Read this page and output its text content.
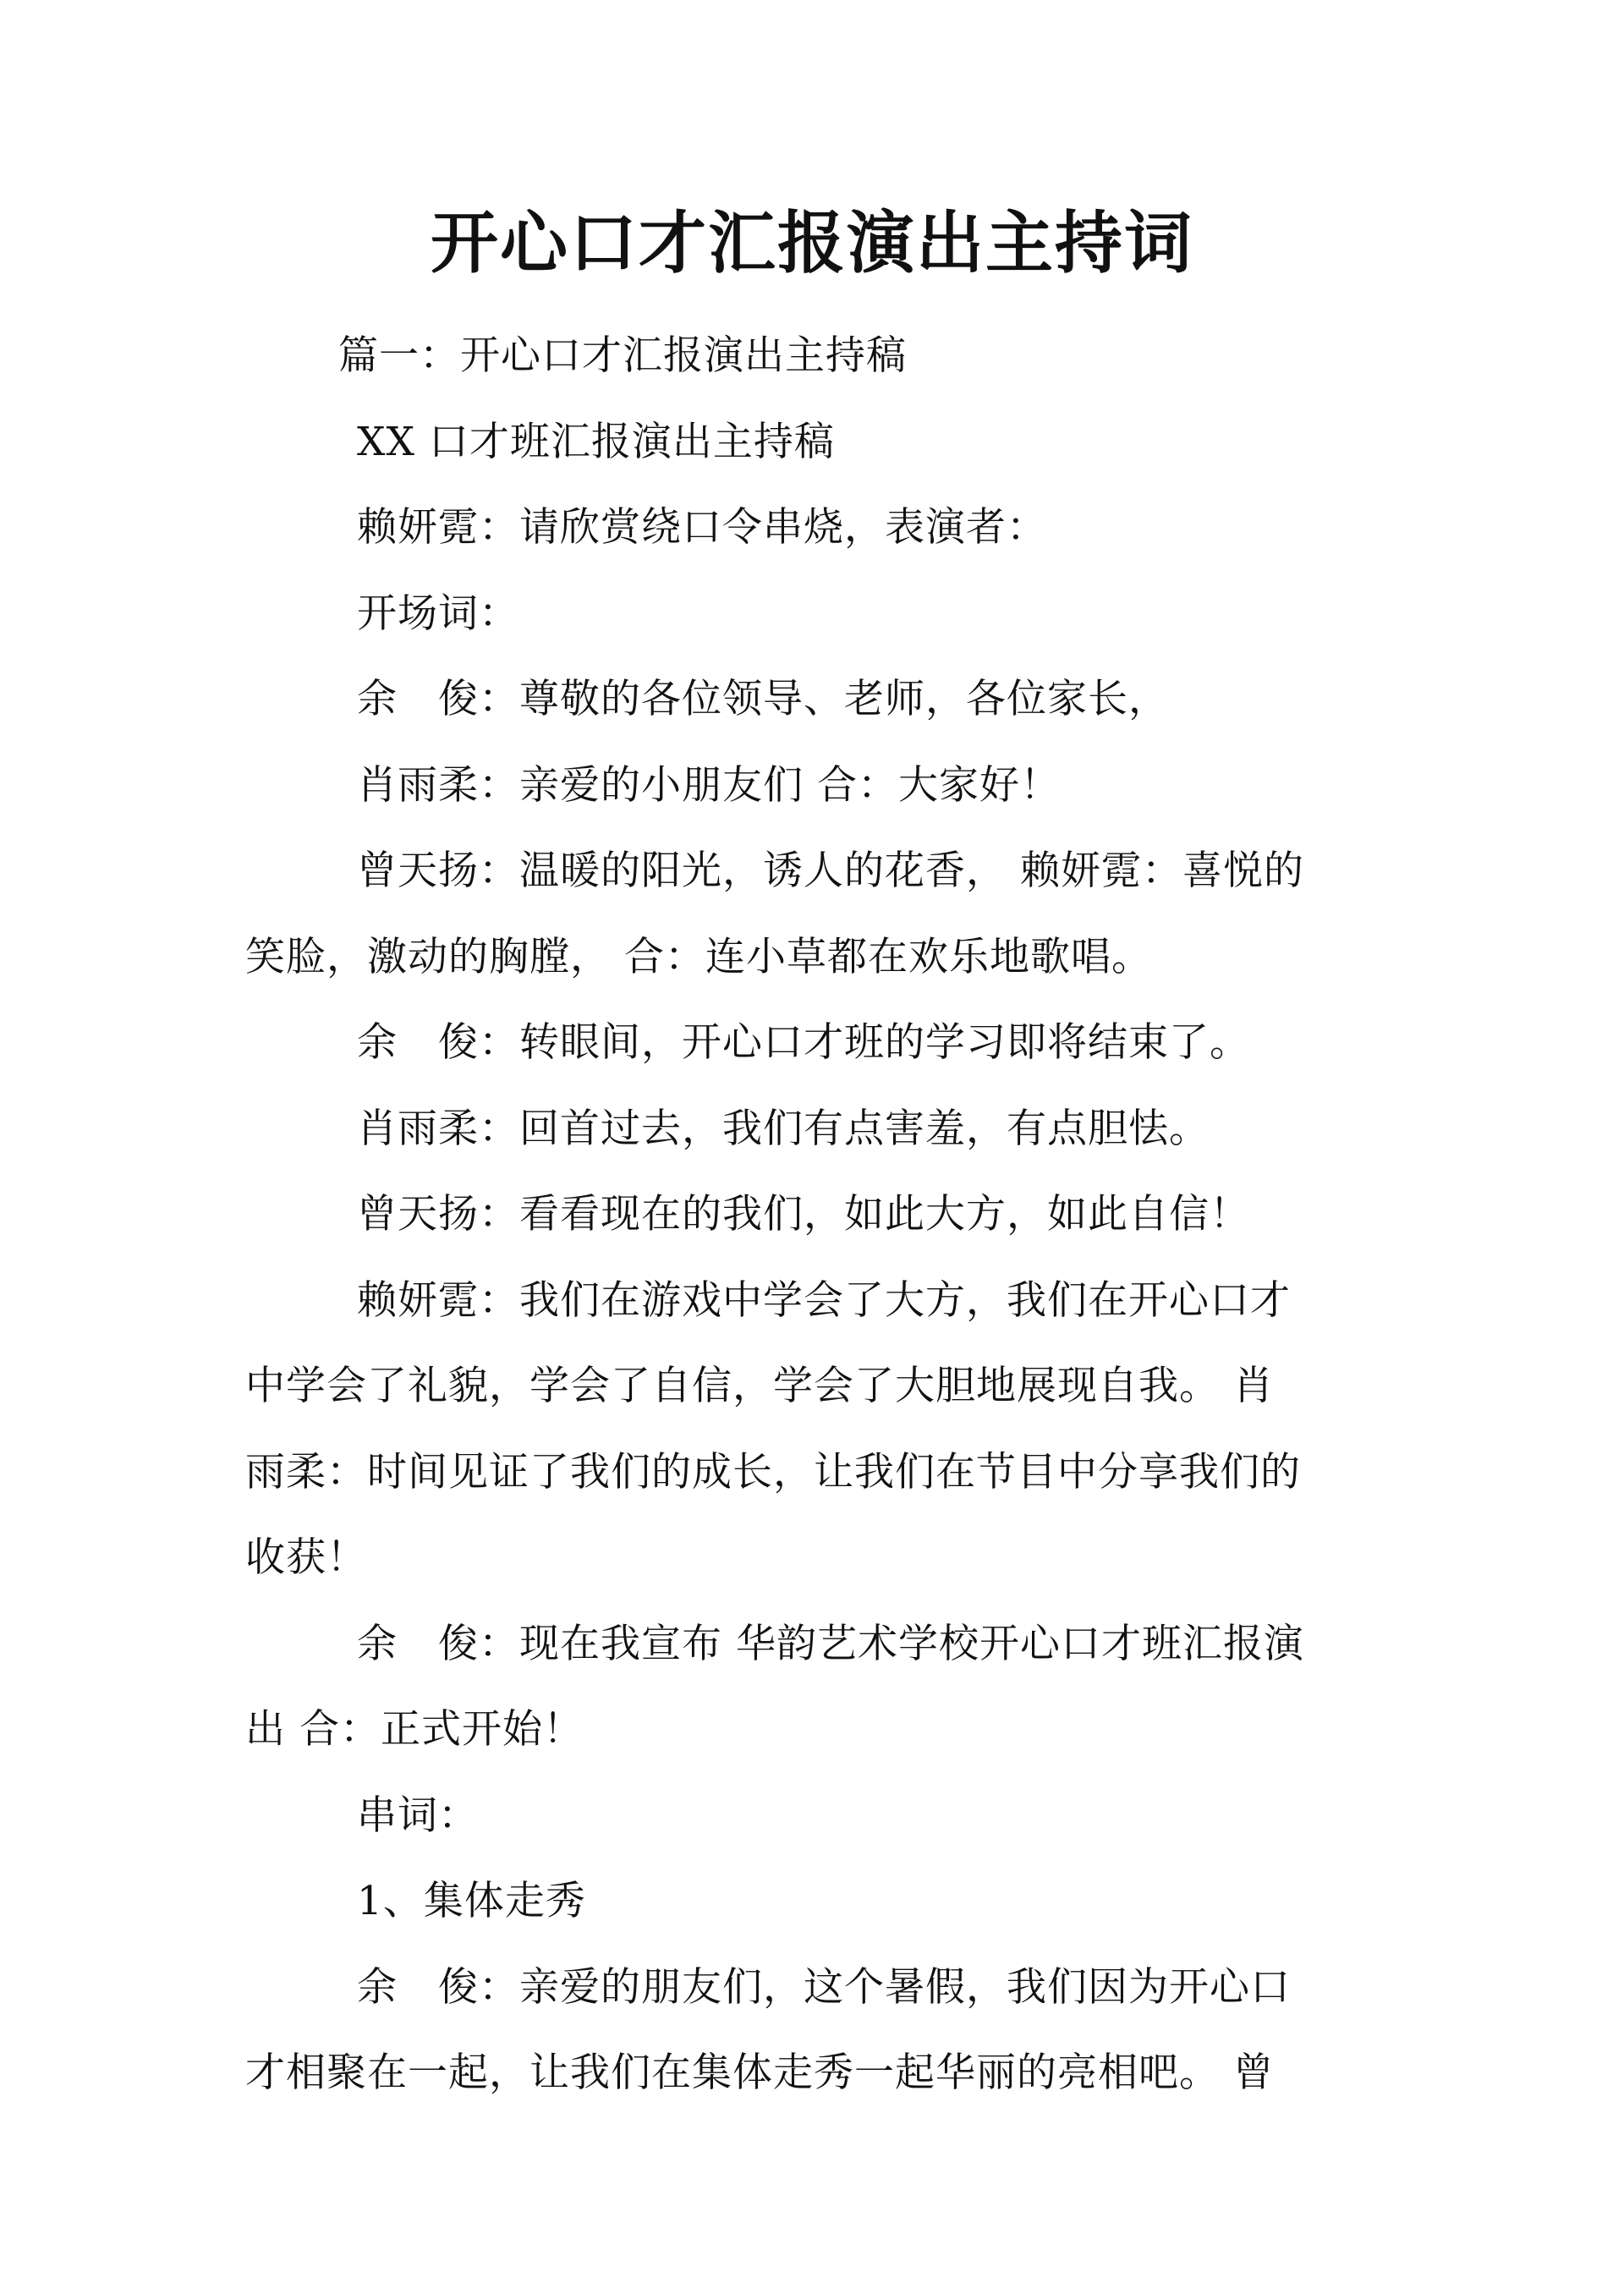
开心口才汇报演出主持词

篇一：开心口才汇报演出主持稿

XX 口才班汇报演出主持稿

赖妍霓：请欣赏绕口令串烧，表演者：

开场词：

余　俊：尊敬的各位领导、老师，各位家长，

肖雨柔：亲爱的小朋友们 合：大家好！

曾天扬：温暖的阳光，诱人的花香， 赖妍霓：喜悦的

笑脸，激动的胸膛， 合：连小草都在欢乐地歌唱。

余　俊：转眼间，开心口才班的学习即将结束了。

肖雨柔：回首过去，我们有点害羞，有点胆怯。

曾天扬：看看现在的我们，如此大方，如此自信！

赖妍霓：我们在游戏中学会了大方，我们在开心口才

中学会了礼貌，学会了自信，学会了大胆地展现自我。 肖

雨柔：时间见证了我们的成长，让我们在节目中分享我们的

收获！

余　俊：现在我宣布 华韵艺术学校开心口才班汇报演

出 合：正式开始！

串词：

1、集体走秀

余　俊：亲爱的朋友们，这个暑假，我们因为开心口

才相聚在一起，让我们在集体走秀一起华丽的亮相吧。 曾
